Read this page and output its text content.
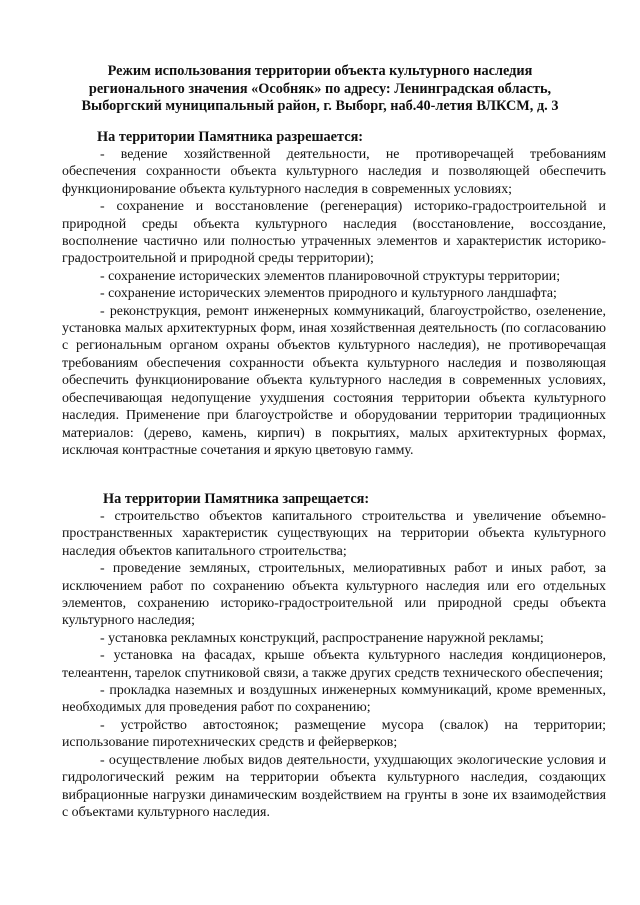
Режим использования территории объекта культурного наследия
регионального значения «Особняк» по адресу: Ленинградская область,
Выборгский муниципальный район, г. Выборг, наб.40-летия ВЛКСМ, д. 3
На территории Памятника разрешается:

- ведение хозяйственной деятельности, не противоречащей требованиям обеспечения сохранности объекта культурного наследия и позволяющей обеспечить функционирование объекта культурного наследия в современных условиях;

- сохранение и восстановление (регенерация) историко-градостроительной и природной среды объекта культурного наследия (восстановление, воссоздание, восполнение частично или полностью утраченных элементов и характеристик историко-градостроительной и природной среды территории);

- сохранение исторических элементов планировочной структуры территории;

- сохранение исторических элементов природного и культурного ландшафта;

- реконструкция, ремонт инженерных коммуникаций, благоустройство, озеленение, установка малых архитектурных форм, иная хозяйственная деятельность (по согласованию с региональным органом охраны объектов культурного наследия), не противоречащая требованиям обеспечения сохранности объекта культурного наследия и позволяющая обеспечить функционирование объекта культурного наследия в современных условиях, обеспечивающая недопущение ухудшения состояния территории объекта культурного наследия. Применение при благоустройстве и оборудовании территории традиционных материалов: (дерево, камень, кирпич) в покрытиях, малых архитектурных формах, исключая контрастные сочетания и яркую цветовую гамму.

На территории Памятника запрещается:

- строительство объектов капитального строительства и увеличение объемно-пространственных характеристик существующих на территории объекта культурного наследия объектов капитального строительства;

- проведение земляных, строительных, мелиоративных работ и иных работ, за исключением работ по сохранению объекта культурного наследия или его отдельных элементов, сохранению историко-градостроительной или природной среды объекта культурного наследия;

- установка рекламных конструкций, распространение наружной рекламы;

- установка на фасадах, крыше объекта культурного наследия кондиционеров, телеантенн, тарелок спутниковой связи, а также других средств технического обеспечения;

- прокладка наземных и воздушных инженерных коммуникаций, кроме временных, необходимых для проведения работ по сохранению;

- устройство автостоянок; размещение мусора (свалок) на территории; использование пиротехнических средств и фейерверков;

- осуществление любых видов деятельности, ухудшающих экологические условия и гидрологический режим на территории объекта культурного наследия, создающих вибрационные нагрузки динамическим воздействием на грунты в зоне их взаимодействия с объектами культурного наследия.
